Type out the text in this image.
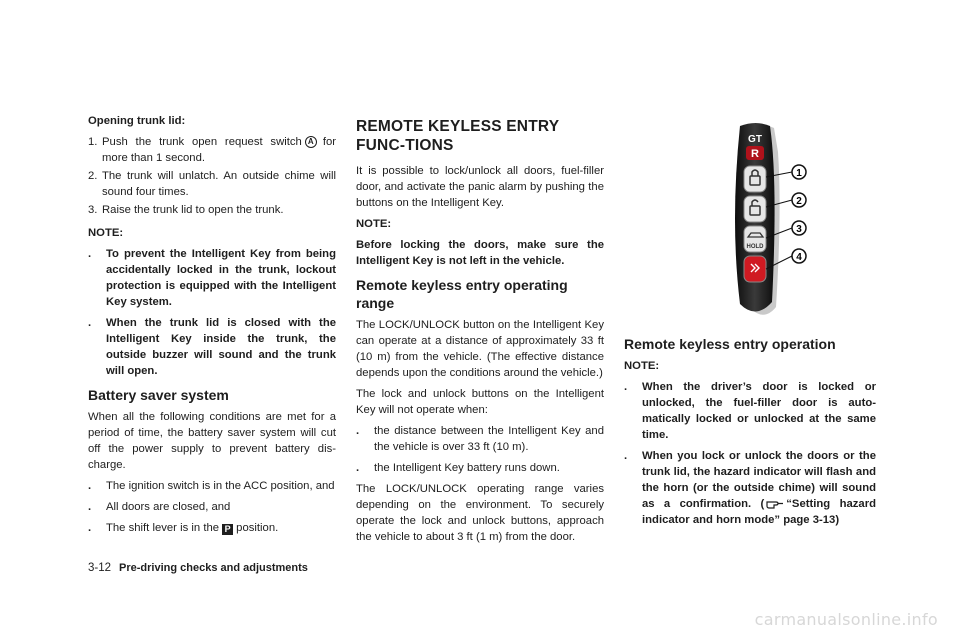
Opening trunk lid:

1. Push the trunk open request switch A for more than 1 second.
2. The trunk will unlatch. An outside chime will sound four times.
3. Raise the trunk lid to open the trunk.

NOTE:

.	To prevent the Intelligent Key from being accidentally locked in the trunk, lockout protection is equipped with the Intelligent Key system.
.	When the trunk lid is closed with the Intelligent Key inside the trunk, the outside buzzer will sound and the trunk will open.
Battery saver system

When all the following conditions are met for a period of time, the battery saver system will cut off the power supply to prevent battery dis-charge.

.	The ignition switch is in the ACC position, and
.	All doors are closed, and
.	The shift lever is in the P position.
REMOTE KEYLESS ENTRY FUNC-TIONS

It is possible to lock/unlock all doors, fuel-filler door, and activate the panic alarm by pushing the buttons on the Intelligent Key.

NOTE:

Before locking the doors, make sure the Intelligent Key is not left in the vehicle.

Remote keyless entry operating range

The LOCK/UNLOCK button on the Intelligent Key can operate at a distance of approximately 33 ft (10 m) from the vehicle. (The effective distance depends upon the conditions around the vehicle.)

The lock and unlock buttons on the Intelligent Key will not operate when:

.	the distance between the Intelligent Key and the vehicle is over 33 ft (10 m).
.	the Intelligent Key battery runs down.

The LOCK/UNLOCK operating range varies depending on the environment. To securely operate the lock and unlock buttons, approach the vehicle to about 3 ft (1 m) from the door.

GT
R
HOLD
1
2
3
4
Remote keyless entry operation

NOTE:

.	When the driver’s door is locked or unlocked, the fuel-filler door is auto-matically locked or unlocked at the same time.
.	When you lock or unlock the doors or the trunk lid, the hazard indicator will flash and the horn (or the outside chime) will sound as a confirmation. ( “Setting hazard indicator and horn mode” page 3-13)
3-12 Pre-driving checks and adjustments
carmanualsonline.info
